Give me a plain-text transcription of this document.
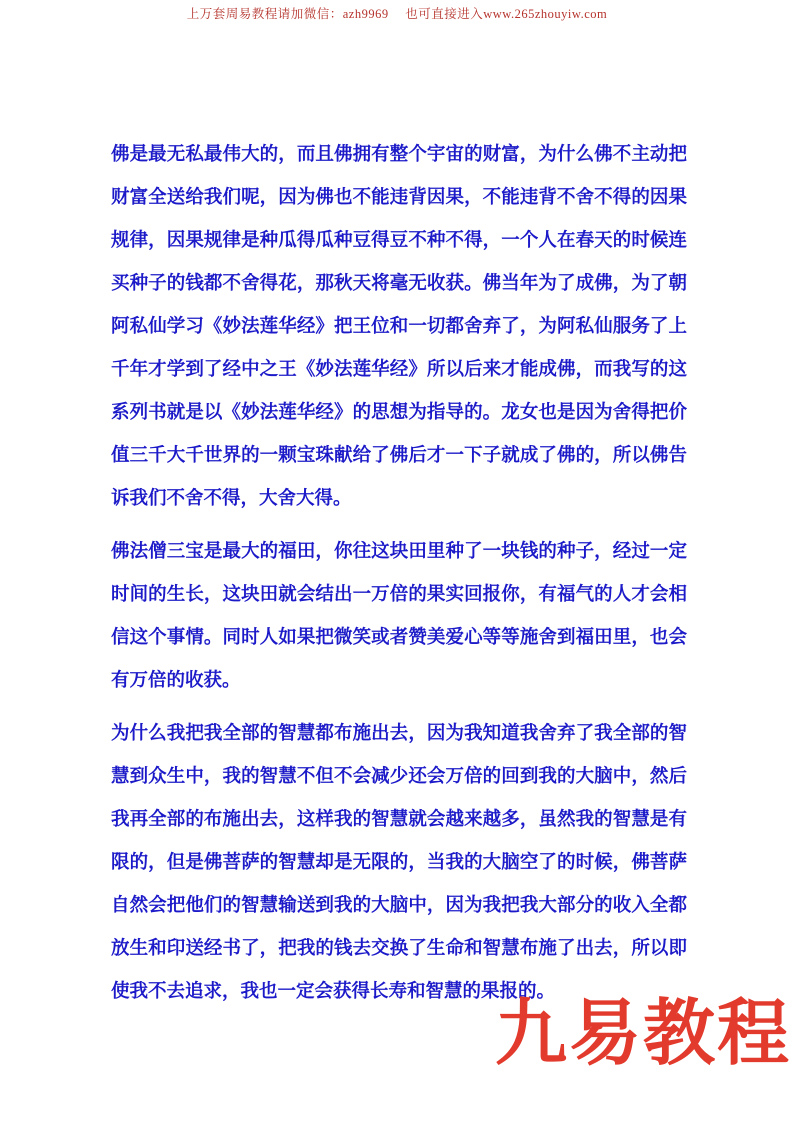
上万套周易教程请加微信：azh9969　 也可直接进入www.265zhouyiw.com

佛是最无私最伟大的，而且佛拥有整个宇宙的财富，为什么佛不主动把财富全送给我们呢，因为佛也不能违背因果，不能违背不舍不得的因果规律，因果规律是种瓜得瓜种豆得豆不种不得，一个人在春天的时候连买种子的钱都不舍得花，那秋天将毫无收获。佛当年为了成佛，为了朝阿私仙学习《妙法莲华经》把王位和一切都舍弃了，为阿私仙服务了上千年才学到了经中之王《妙法莲华经》所以后来才能成佛，而我写的这系列书就是以《妙法莲华经》的思想为指导的。龙女也是因为舍得把价值三千大千世界的一颗宝珠献给了佛后才一下子就成了佛的，所以佛告诉我们不舍不得，大舍大得。

佛法僧三宝是最大的福田，你往这块田里种了一块钱的种子，经过一定时间的生长，这块田就会结出一万倍的果实回报你，有福气的人才会相信这个事情。同时人如果把微笑或者赞美爱心等等施舍到福田里，也会有万倍的收获。

为什么我把我全部的智慧都布施出去，因为我知道我舍弃了我全部的智慧到众生中，我的智慧不但不会减少还会万倍的回到我的大脑中，然后我再全部的布施出去，这样我的智慧就会越来越多，虽然我的智慧是有限的，但是佛菩萨的智慧却是无限的，当我的大脑空了的时候，佛菩萨自然会把他们的智慧输送到我的大脑中，因为我把我大部分的收入全都放生和印送经书了，把我的钱去交换了生命和智慧布施了出去，所以即使我不去追求，我也一定会获得长寿和智慧的果报的。

九易教程
